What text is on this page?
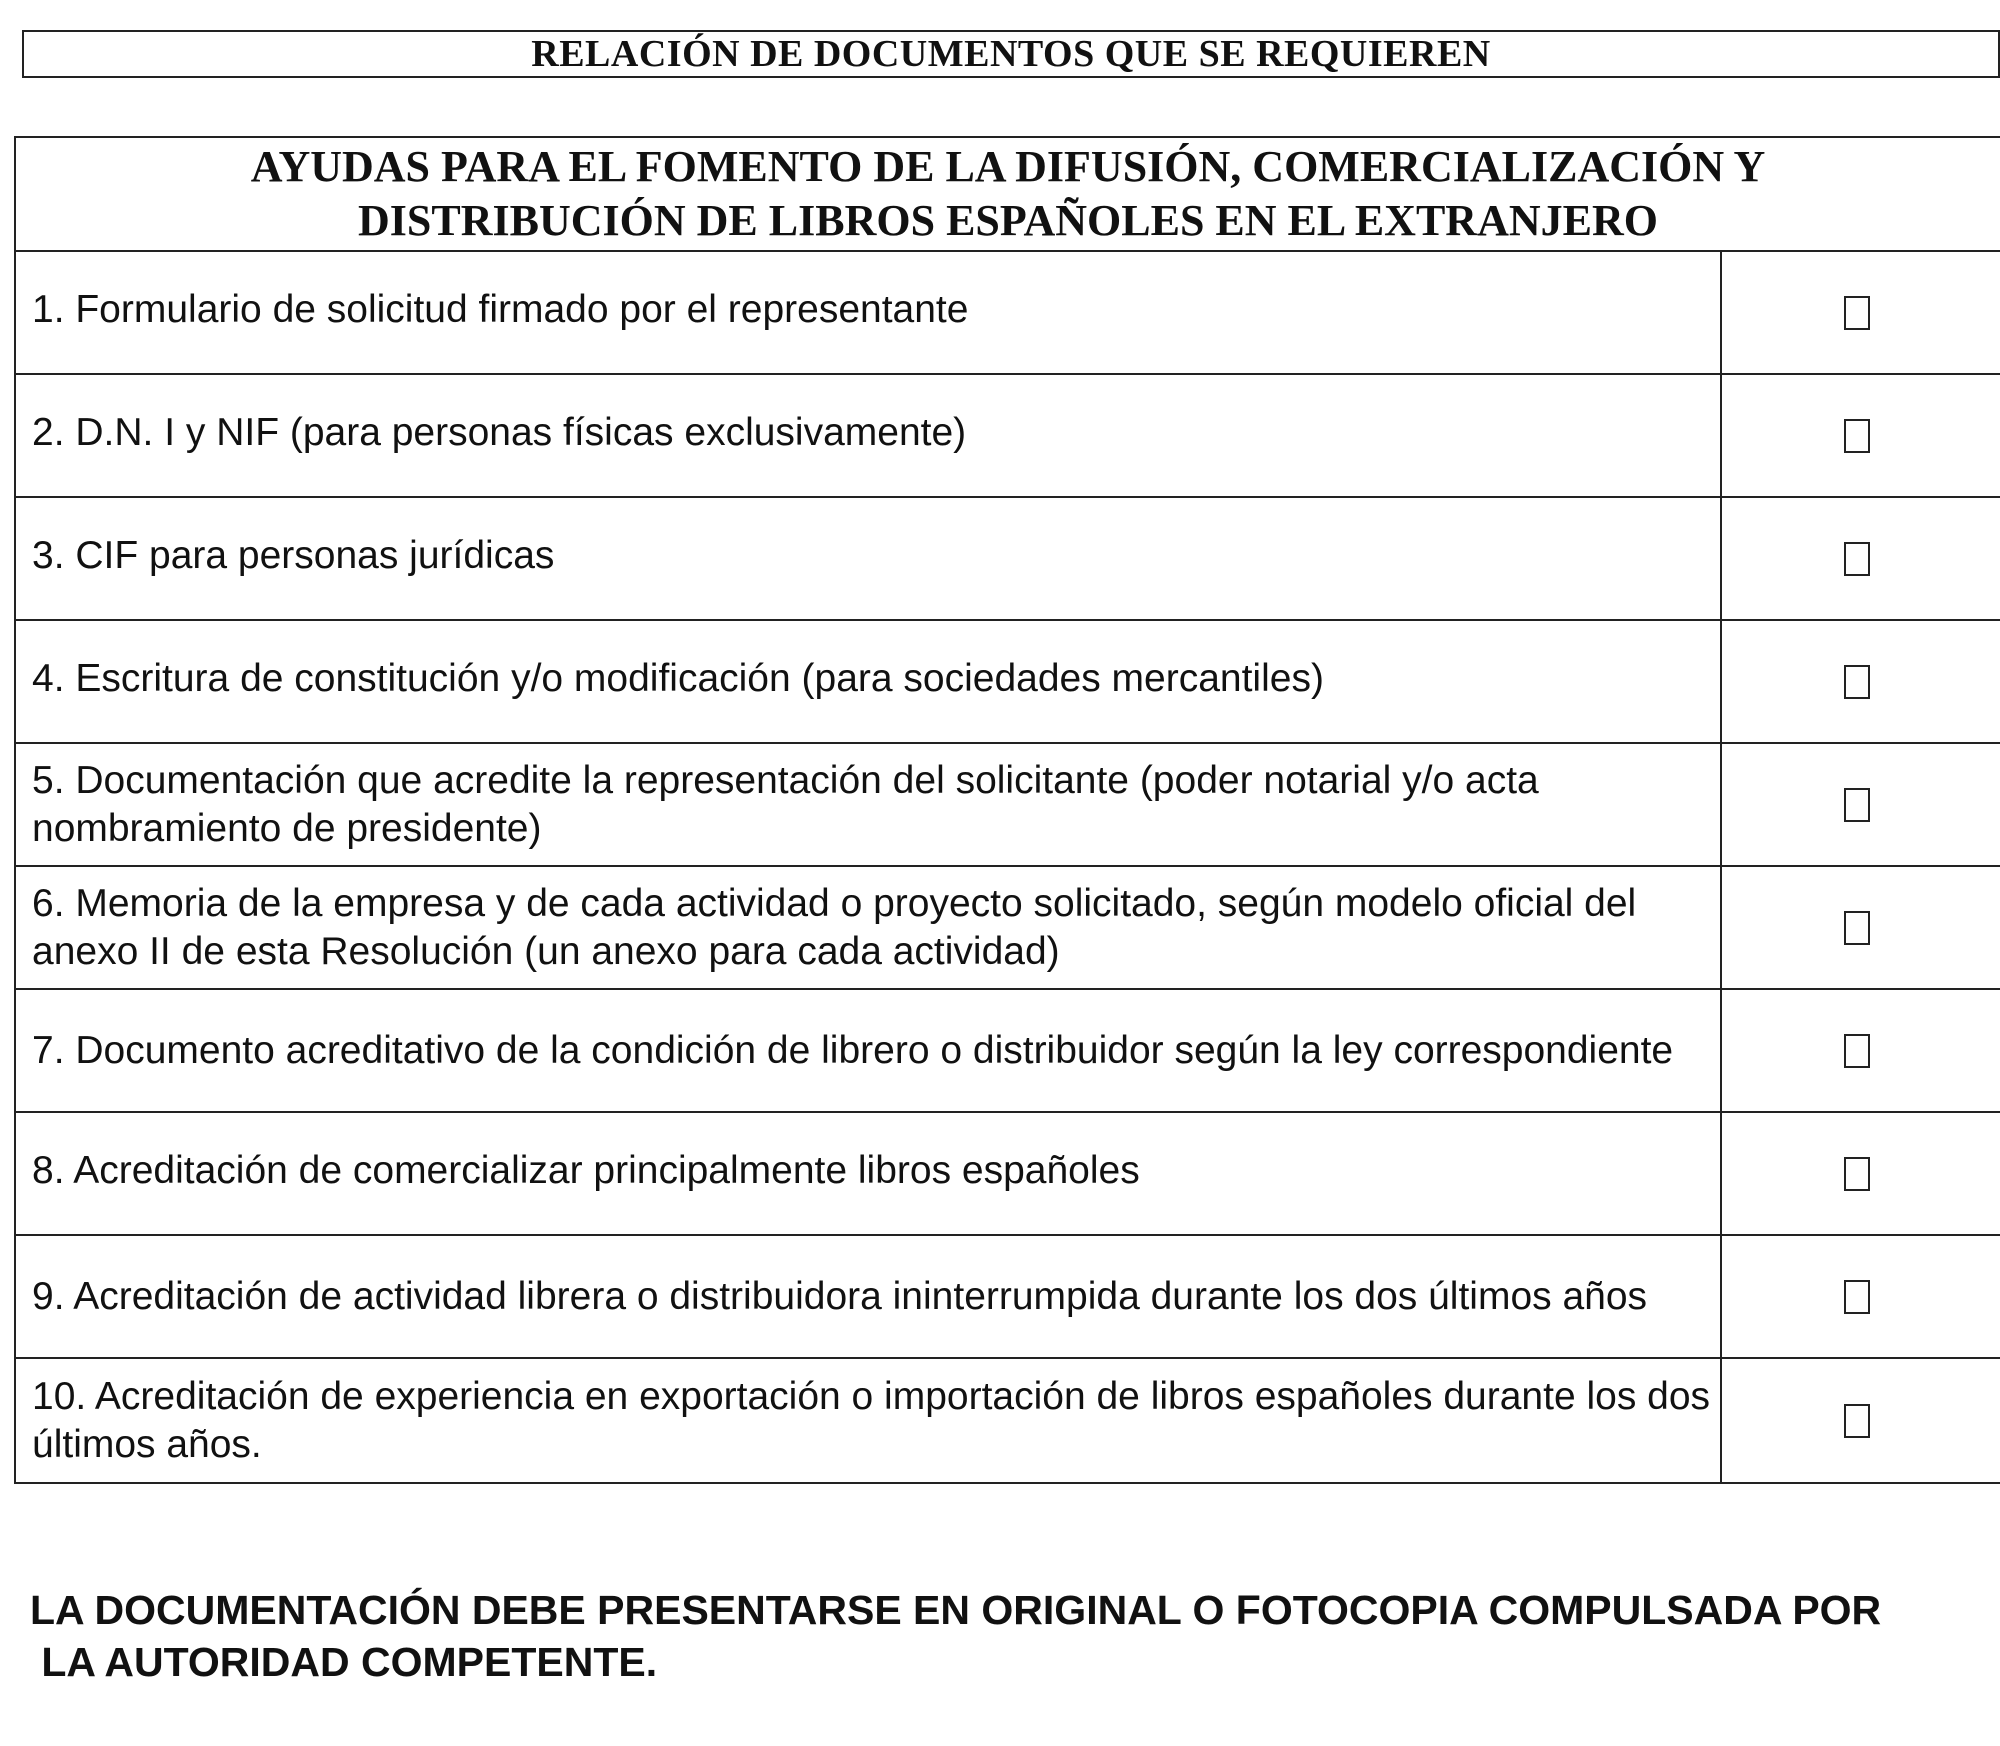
RELACIÓN DE DOCUMENTOS QUE SE REQUIEREN
AYUDAS PARA EL FOMENTO DE LA DIFUSIÓN, COMERCIALIZACIÓN Y
DISTRIBUCIÓN DE LIBROS ESPAÑOLES EN EL EXTRANJERO
1. Formulario de solicitud firmado por el representante
2. D.N. I y NIF (para personas físicas exclusivamente)
3. CIF para personas jurídicas
4. Escritura de constitución y/o modificación (para sociedades mercantiles)
5. Documentación que acredite la representación del solicitante (poder notarial y/o acta nombramiento de presidente)
6. Memoria de la empresa y de cada actividad o proyecto solicitado, según modelo oficial del anexo II de esta Resolución (un anexo para cada actividad)
7. Documento acreditativo de la condición de librero o distribuidor según la ley correspondiente
8. Acreditación de comercializar principalmente libros españoles
9. Acreditación de actividad librera o distribuidora ininterrumpida durante los dos últimos años
10. Acreditación de experiencia en exportación o importación de libros españoles durante los dos últimos años.
LA DOCUMENTACIÓN DEBE PRESENTARSE EN ORIGINAL O FOTOCOPIA COMPULSADA POR
LA AUTORIDAD COMPETENTE.
